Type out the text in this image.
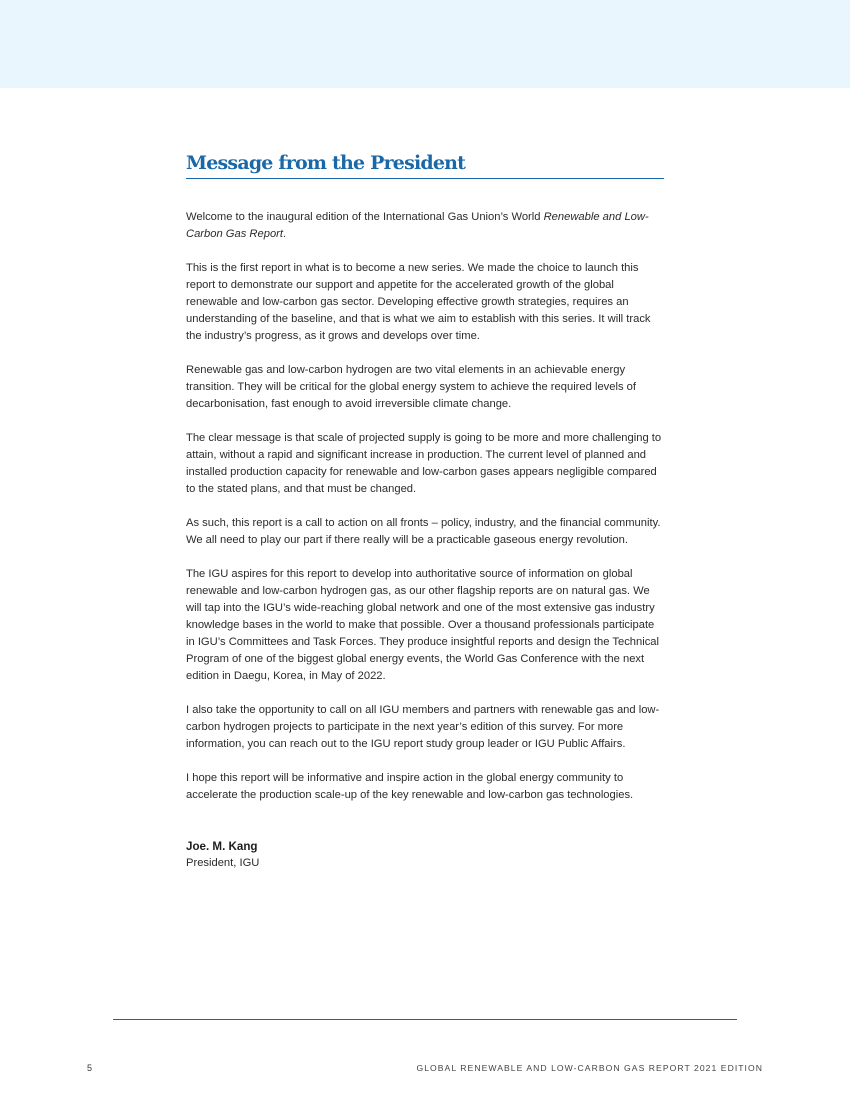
Message from the President

Welcome to the inaugural edition of the International Gas Union’s World Renewable and Low-Carbon Gas Report.

This is the first report in what is to become a new series. We made the choice to launch this report to demonstrate our support and appetite for the accelerated growth of the global renewable and low-carbon gas sector. Developing effective growth strategies, requires an understanding of the baseline, and that is what we aim to establish with this series. It will track the industry’s progress, as it grows and develops over time.

Renewable gas and low-carbon hydrogen are two vital elements in an achievable energy transition. They will be critical for the global energy system to achieve the required levels of decarbonisation, fast enough to avoid irreversible climate change.

The clear message is that scale of projected supply is going to be more and more challenging to attain, without a rapid and significant increase in production. The current level of planned and installed production capacity for renewable and low-carbon gases appears negligible compared to the stated plans, and that must be changed.

As such, this report is a call to action on all fronts – policy, industry, and the financial community. We all need to play our part if there really will be a practicable gaseous energy revolution.

The IGU aspires for this report to develop into authoritative source of information on global renewable and low-carbon hydrogen gas, as our other flagship reports are on natural gas. We will tap into the IGU’s wide-reaching global network and one of the most extensive gas industry knowledge bases in the world to make that possible. Over a thousand professionals participate in IGU’s Committees and Task Forces. They produce insightful reports and design the Technical Program of one of the biggest global energy events, the World Gas Conference with the next edition in Daegu, Korea, in May of 2022.

I also take the opportunity to call on all IGU members and partners with renewable gas and low-carbon hydrogen projects to participate in the next year’s edition of this survey. For more information, you can reach out to the IGU report study group leader or IGU Public Affairs.

I hope this report will be informative and inspire action in the global energy community to accelerate the production scale-up of the key renewable and low-carbon gas technologies.

Joe. M. Kang
President, IGU
5	GLOBAL RENEWABLE AND LOW-CARBON GAS REPORT 2021 EDITION
